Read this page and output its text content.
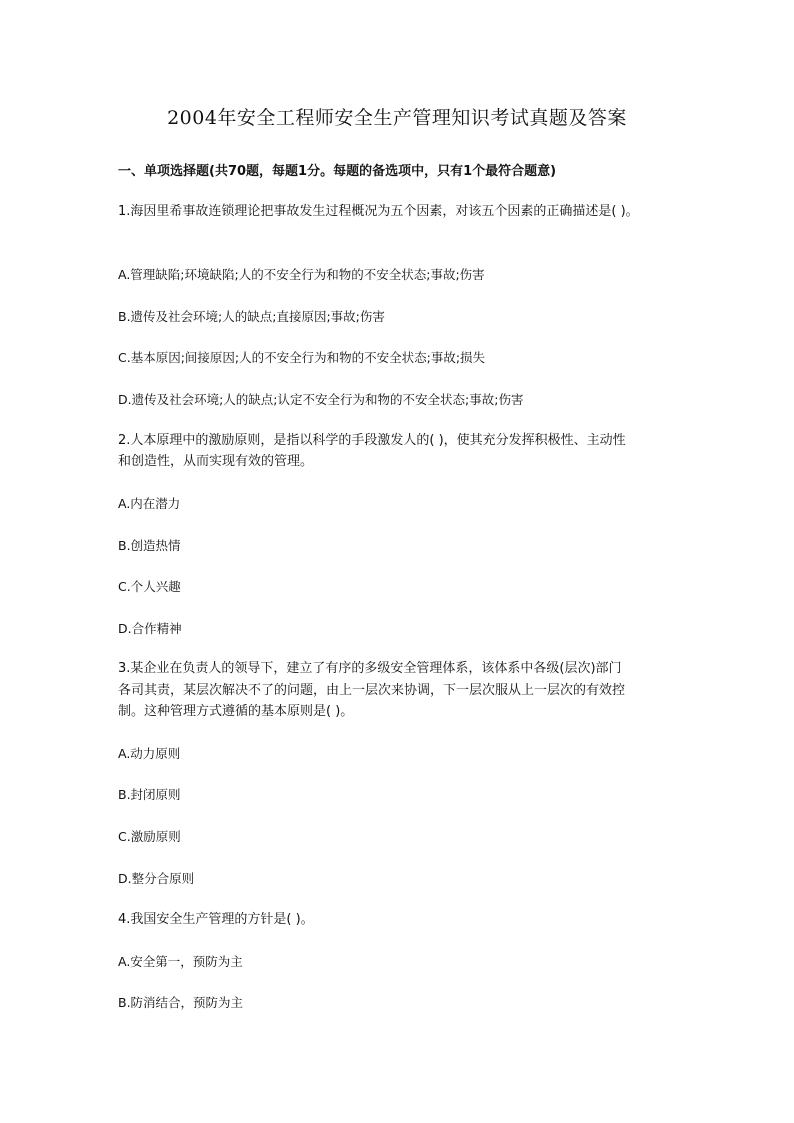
2004年安全工程师安全生产管理知识考试真题及答案
一、单项选择题(共70题，每题1分。每题的备选项中，只有1个最符合题意)
1.海因里希事故连锁理论把事故发生过程概况为五个因素，对该五个因素的正确描述是( )。
A.管理缺陷;环境缺陷;人的不安全行为和物的不安全状态;事故;伤害
B.遗传及社会环境;人的缺点;直接原因;事故;伤害
C.基本原因;间接原因;人的不安全行为和物的不安全状态;事故;损失
D.遗传及社会环境;人的缺点;认定不安全行为和物的不安全状态;事故;伤害
2.人本原理中的激励原则，是指以科学的手段激发人的( )，使其充分发挥积极性、主动性
和创造性，从而实现有效的管理。
A.内在潜力
B.创造热情
C.个人兴趣
D.合作精神
3.某企业在负责人的领导下，建立了有序的多级安全管理体系，该体系中各级(层次)部门
各司其责，某层次解决不了的问题，由上一层次来协调，下一层次服从上一层次的有效控
制。这种管理方式遵循的基本原则是( )。
A.动力原则
B.封闭原则
C.激励原则
D.整分合原则
4.我国安全生产管理的方针是( )。
A.安全第一，预防为主
B.防消结合，预防为主
